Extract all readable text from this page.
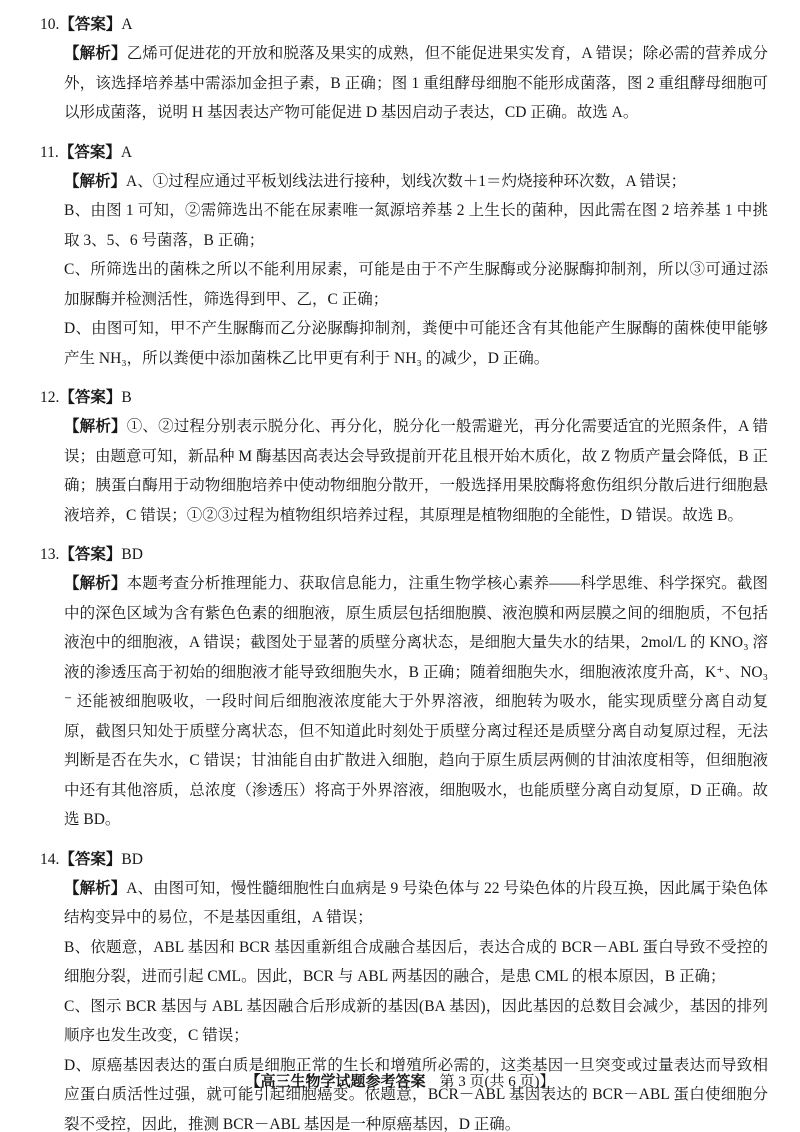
10.【答案】A

【解析】乙烯可促进花的开放和脱落及果实的成熟，但不能促进果实发育，A 错误；除必需的营养成分外，该选择培养基中需添加金担子素，B 正确；图 1 重组酵母细胞不能形成菌落，图 2 重组酵母细胞可以形成菌落，说明 H 基因表达产物可能促进 D 基因启动子表达，CD 正确。故选 A。

11.【答案】A

【解析】A、①过程应通过平板划线法进行接种，划线次数＋1＝灼烧接种环次数，A 错误；

B、由图 1 可知，②需筛选出不能在尿素唯一氮源培养基 2 上生长的菌种，因此需在图 2 培养基 1 中挑取 3、5、6 号菌落，B 正确；

C、所筛选出的菌株之所以不能利用尿素，可能是由于不产生脲酶或分泌脲酶抑制剂，所以③可通过添加脲酶并检测活性，筛选得到甲、乙，C 正确；

D、由图可知，甲不产生脲酶而乙分泌脲酶抑制剂，粪便中可能还含有其他能产生脲酶的菌株使甲能够产生 NH₃，所以粪便中添加菌株乙比甲更有利于 NH₃ 的减少，D 正确。

12.【答案】B

【解析】①、②过程分别表示脱分化、再分化，脱分化一般需避光，再分化需要适宜的光照条件，A 错误；由题意可知，新品种 M 酶基因高表达会导致提前开花且根开始木质化，故 Z 物质产量会降低，B 正确；胰蛋白酶用于动物细胞培养中使动物细胞分散开，一般选择用果胶酶将愈伤组织分散后进行细胞悬液培养，C 错误；①②③过程为植物组织培养过程，其原理是植物细胞的全能性，D 错误。故选 B。

13.【答案】BD

【解析】本题考查分析推理能力、获取信息能力，注重生物学核心素养——科学思维、科学探究。截图中的深色区域为含有紫色色素的细胞液，原生质层包括细胞膜、液泡膜和两层膜之间的细胞质，不包括液泡中的细胞液，A 错误；截图处于显著的质壁分离状态，是细胞大量失水的结果，2mol/L 的 KNO₃ 溶液的渗透压高于初始的细胞液才能导致细胞失水，B 正确；随着细胞失水，细胞液浓度升高，K⁺、NO₃⁻ 还能被细胞吸收，一段时间后细胞液浓度能大于外界溶液，细胞转为吸水，能实现质壁分离自动复原，截图只知处于质壁分离状态，但不知道此时刻处于质壁分离过程还是质壁分离自动复原过程，无法判断是否在失水，C 错误；甘油能自由扩散进入细胞，趋向于原生质层两侧的甘油浓度相等，但细胞液中还有其他溶质，总浓度（渗透压）将高于外界溶液，细胞吸水，也能质壁分离自动复原，D 正确。故选 BD。

14.【答案】BD

【解析】A、由图可知，慢性髓细胞性白血病是 9 号染色体与 22 号染色体的片段互换，因此属于染色体结构变异中的易位，不是基因重组，A 错误；

B、依题意，ABL 基因和 BCR 基因重新组合成融合基因后，表达合成的 BCR－ABL 蛋白导致不受控的细胞分裂，进而引起 CML。因此，BCR 与 ABL 两基因的融合，是患 CML 的根本原因，B 正确；

C、图示 BCR 基因与 ABL 基因融合后形成新的基因(BA 基因)，因此基因的总数目会减少，基因的排列顺序也发生改变，C 错误；

D、原癌基因表达的蛋白质是细胞正常的生长和增殖所必需的，这类基因一旦突变或过量表达而导致相应蛋白质活性过强，就可能引起细胞癌变。依题意，BCR－ABL 基因表达的 BCR－ABL 蛋白使细胞分裂不受控，因此，推测 BCR－ABL 基因是一种原癌基因，D 正确。

【高三生物学试题参考答案 第 3 页(共 6 页)】
